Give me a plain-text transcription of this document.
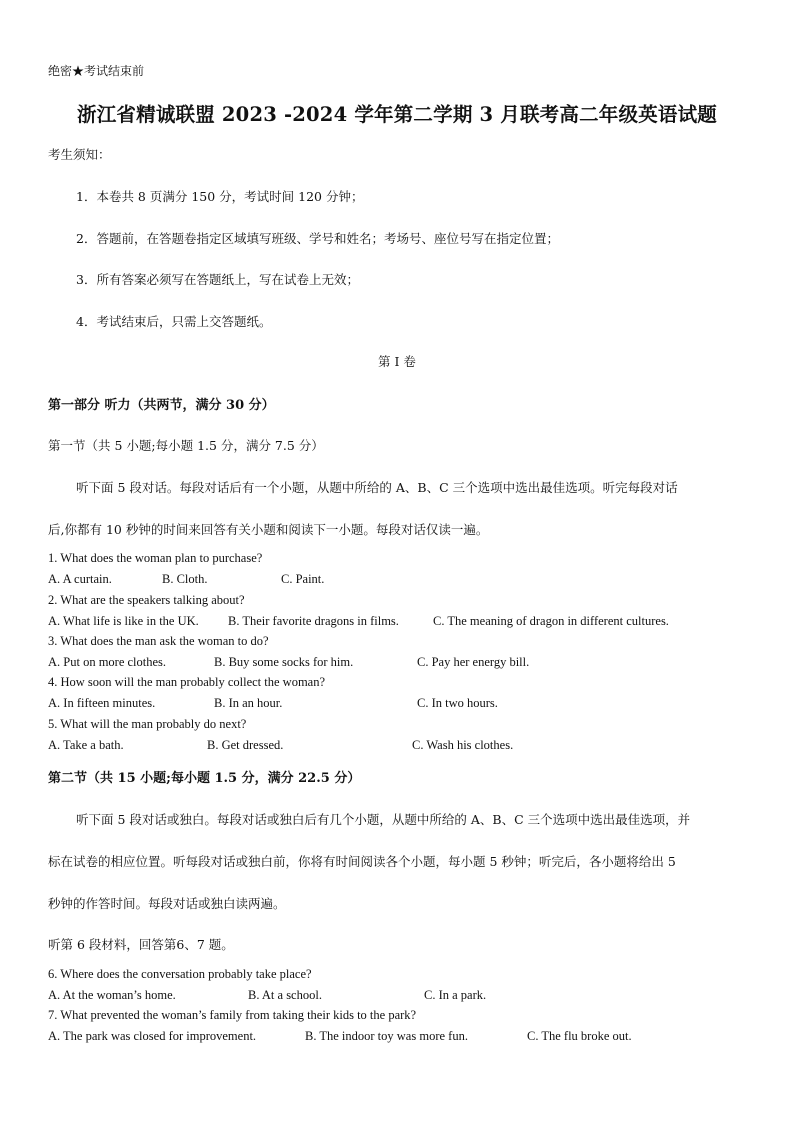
绝密★考试结束前
浙江省精诚联盟 2023 -2024 学年第二学期 3 月联考高二年级英语试题
考生须知：
1．本卷共 8 页满分 150 分，考试时间 120 分钟；
2．答题前，在答题卷指定区域填写班级、学号和姓名；考场号、座位号写在指定位置；
3．所有答案必须写在答题纸上，写在试卷上无效；
4．考试结束后，只需上交答题纸。
第 I 卷
第一部分 听力（共两节，满分 30 分）
第一节（共 5 小题;每小题 1.5 分，满分 7.5 分）
听下面 5 段对话。每段对话后有一个小题，从题中所给的 A、B、C 三个选项中选出最佳选项。听完每段对话
后,你都有 10 秒钟的时间来回答有关小题和阅读下一小题。每段对话仅读一遍。
1. What does the woman plan to purchase?
A. A curtain.	B. Cloth.	C. Paint.
2. What are the speakers talking about?
A. What life is like in the UK. B. Their favorite dragons in films.	C. The meaning of dragon in different cultures.
3. What does the man ask the woman to do?
A. Put on more clothes.	B. Buy some socks for him.	C. Pay her energy bill.
4. How soon will the man probably collect the woman?
A. In fifteen minutes.	B. In an hour.	C. In two hours.
5. What will the man probably do next?
A. Take a bath.	B. Get dressed.	C. Wash his clothes.
第二节（共 15 小题;每小题 1.5 分，满分 22.5 分）
听下面 5 段对话或独白。每段对话或独白后有几个小题，从题中所给的 A、B、C 三个选项中选出最佳选项，并
标在试卷的相应位置。听每段对话或独白前，你将有时间阅读各个小题，每小题 5 秒钟；听完后，各小题将给出 5
秒钟的作答时间。每段对话或独白读两遍。
听第 6 段材料，回答第6、7 题。
6. Where does the conversation probably take place?
A. At the woman’s home.	B. At a school.	C. In a park.
7. What prevented the woman’s family from taking their kids to the park?
A. The park was closed for improvement.	B. The indoor toy was more fun.	C. The flu broke out.
